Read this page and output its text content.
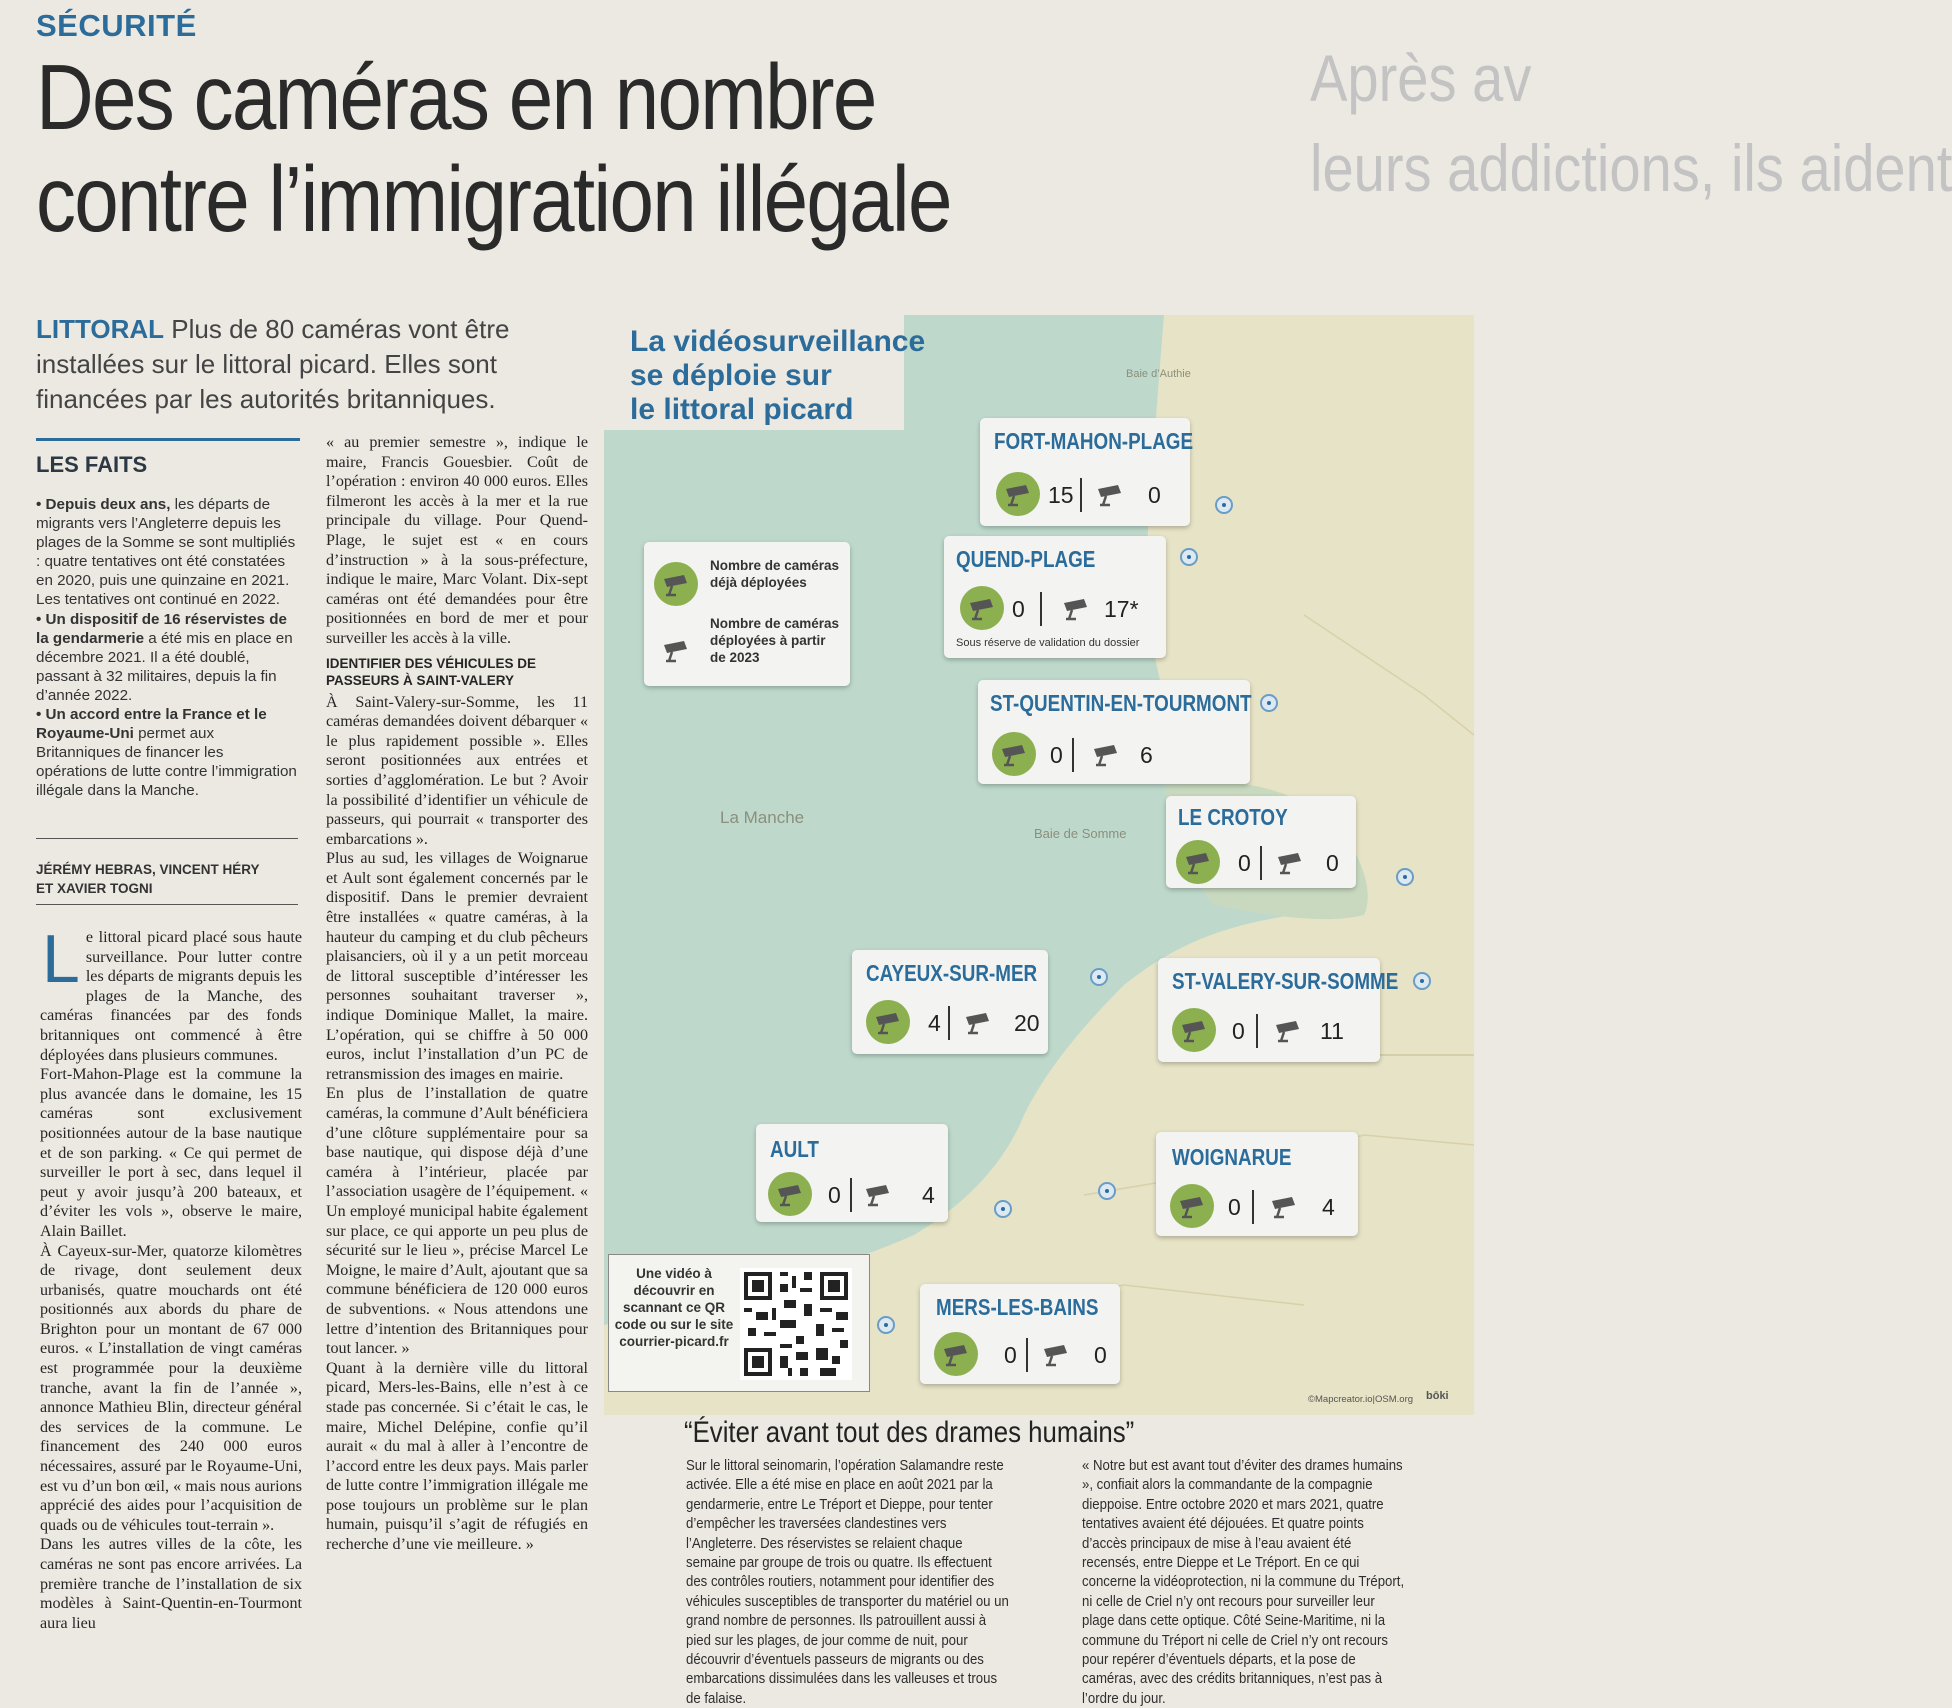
Après av
leurs addictions, ils aident
SÉCURITÉ
Des caméras en nombre
contre l’immigration illégale
LITTORAL Plus de 80 caméras vont être installées sur le littoral picard. Elles sont financées par les autorités britanniques.
LES FAITS

• Depuis deux ans, les départs de migrants vers l’Angleterre depuis les plages de la Somme se sont multipliés : quatre tentatives ont été constatées en 2020, puis une quinzaine en 2021. Les tentatives ont continué en 2022.

• Un dispositif de 16 réservistes de la gendarmerie a été mis en place en décembre 2021. Il a été doublé, passant à 32 militaires, depuis la fin d’année 2022.

• Un accord entre la France et le Royaume-Uni permet aux Britanniques de financer les opérations de lutte contre l’immigration illégale dans la Manche.

JÉRÉMY HEBRAS, VINCENT HÉRY
ET XAVIER TOGNI

Le littoral picard placé sous haute surveillance. Pour lutter contre les départs de migrants depuis les plages de la Manche, des caméras financées par des fonds britanniques ont commencé à être déployées dans plusieurs communes.

Fort-Mahon-Plage est la commune la plus avancée dans le domaine, les 15 caméras sont exclusivement positionnées autour de la base nautique et de son parking. « Ce qui permet de surveiller le port à sec, dans lequel il peut y avoir jusqu’à 200 bateaux, et d’éviter les vols », observe le maire, Alain Baillet.

À Cayeux-sur-Mer, quatorze kilomètres de rivage, dont seulement deux urbanisés, quatre mouchards ont été positionnés aux abords du phare de Brighton pour un montant de 67 000 euros. « L’installation de vingt caméras est programmée pour la deuxième tranche, avant la fin de l’année », annonce Mathieu Blin, directeur général des services de la commune. Le financement des 240 000 euros nécessaires, assuré par le Royaume-Uni, est vu d’un bon œil, « mais nous aurions apprécié des aides pour l’acquisition de quads ou de véhicules tout-terrain ».

Dans les autres villes de la côte, les caméras ne sont pas encore arrivées. La première tranche de l’installation de six modèles à Saint-Quentin-en-Tourmont aura lieu

« au premier semestre », indique le maire, Francis Gouesbier. Coût de l’opération : environ 40 000 euros. Elles filmeront les accès à la mer et la rue principale du village. Pour Quend-Plage, le sujet est « en cours d’instruction » à la sous-préfecture, indique le maire, Marc Volant. Dix-sept caméras ont été demandées pour être positionnées en bord de mer et pour surveiller les accès à la ville.

IDENTIFIER DES VÉHICULES DE PASSEURS À SAINT-VALERY

À Saint-Valery-sur-Somme, les 11 caméras demandées doivent débarquer « le plus rapidement possible ». Elles seront positionnées aux entrées et sorties d’agglomération. Le but ? Avoir la possibilité d’identifier un véhicule de passeurs, qui pourrait « transporter des embarcations ».

Plus au sud, les villages de Woignarue et Ault sont également concernés par le dispositif. Dans le premier devraient être installées « quatre caméras, à la hauteur du camping et du club pêcheurs plaisanciers, où il y a un petit morceau de littoral susceptible d’intéresser les personnes souhaitant traverser », indique Dominique Mallet, la maire. L’opération, qui se chiffre à 50 000 euros, inclut l’installation d’un PC de retransmission des images en mairie.

En plus de l’installation de quatre caméras, la commune d’Ault bénéficiera d’une clôture supplémentaire pour sa base nautique, qui dispose déjà d’une caméra à l’intérieur, placée par l’association usagère de l’équipement. « Un employé municipal habite également sur place, ce qui apporte un peu plus de sécurité sur le lieu », précise Marcel Le Moigne, le maire d’Ault, ajoutant que sa commune bénéficiera de 120 000 euros de subventions. « Nous attendons une lettre d’intention des Britanniques pour tout lancer. »

Quant à la dernière ville du littoral picard, Mers-les-Bains, elle n’est à ce stade pas concernée. Si c’était le cas, le maire, Michel Delépine, confie qu’il aurait « du mal à aller à l’encontre de l’accord entre les deux pays. Mais parler de lutte contre l’immigration illégale me pose toujours un problème sur le plan humain, puisqu’il s’agit de réfugiés en recherche d’une vie meilleure. »

La vidéosurveillance
se déploie sur
le littoral picard
Baie d’Authie
La Manche
Baie de Somme
Nombre de caméras déjà déployées
Nombre de caméras déployées à partir de 2023
FORT-MAHON-PLAGE
15	0
QUEND-PLAGE
0	17*
Sous réserve de validation du dossier
ST-QUENTIN-EN-TOURMONT
0	6
LE CROTOY
0	0
CAYEUX-SUR-MER
4	20
ST-VALERY-SUR-SOMME
0	11
AULT
0	4
WOIGNARUE
0	4
MERS-LES-BAINS
0	0
Une vidéo à découvrir en scannant ce QR code ou sur le site courrier-picard.fr
©Mapcreator.io|OSM.org bōki
“Éviter avant tout des drames humains”

Sur le littoral seinomarin, l’opération Salamandre reste activée. Elle a été mise en place en août 2021 par la gendarmerie, entre Le Tréport et Dieppe, pour tenter d’empêcher les traversées clandestines vers l’Angleterre. Des réservistes se relaient chaque semaine par groupe de trois ou quatre. Ils effectuent des contrôles routiers, notamment pour identifier des véhicules susceptibles de transporter du matériel ou un grand nombre de personnes. Ils patrouillent aussi à pied sur les plages, de jour comme de nuit, pour découvrir d’éventuels passeurs de migrants ou des embarcations dissimulées dans les valleuses et trous de falaise.

« Notre but est avant tout d’éviter des drames humains », confiait alors la commandante de la compagnie dieppoise. Entre octobre 2020 et mars 2021, quatre tentatives avaient été déjouées. Et quatre points d’accès principaux de mise à l’eau avaient été recensés, entre Dieppe et Le Tréport. En ce qui concerne la vidéoprotection, ni la commune du Tréport, ni celle de Criel n’y ont recours pour surveiller leur plage dans cette optique. Côté Seine-Maritime, ni la commune du Tréport ni celle de Criel n’y ont recours pour repérer d’éventuels départs, et la pose de caméras, avec des crédits britanniques, n’est pas à l’ordre du jour.
